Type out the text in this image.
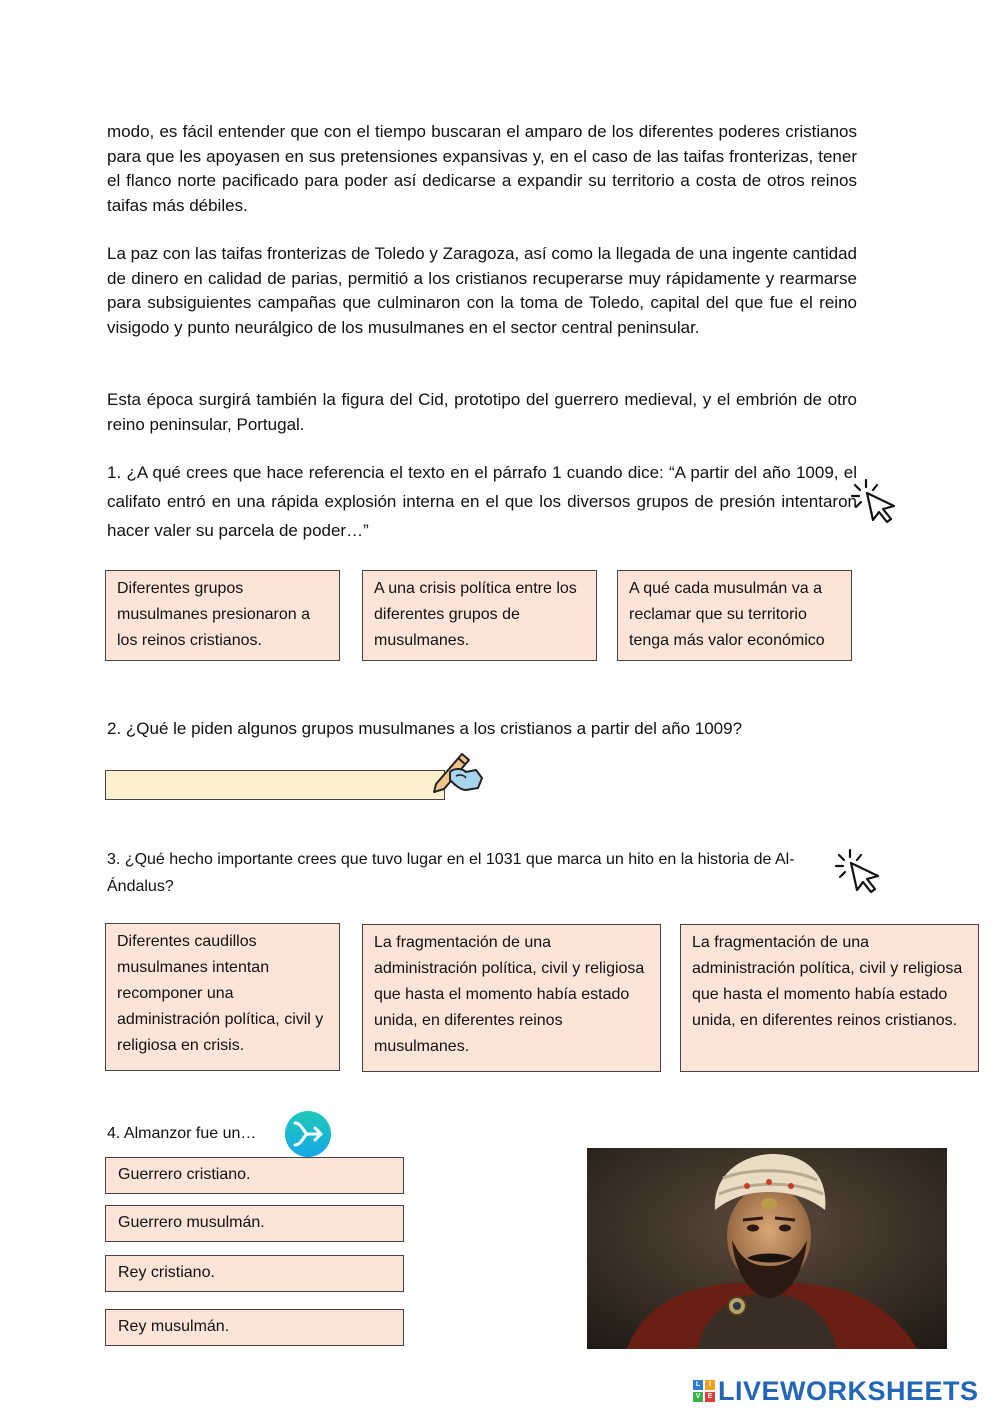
modo, es fácil entender que con el tiempo buscaran el amparo de los diferentes poderes cristianos para que les apoyasen en sus pretensiones expansivas y, en el caso de las taifas fronterizas, tener el flanco norte pacificado para poder así dedicarse a expandir su territorio a costa de otros reinos taifas más débiles.
La paz con las taifas fronterizas de Toledo y Zaragoza, así como la llegada de una ingente cantidad de dinero en calidad de parias, permitió a los cristianos recuperarse muy rápidamente y rearmarse para subsiguientes campañas que culminaron con la toma de Toledo, capital del que fue el reino visigodo y punto neurálgico de los musulmanes en el sector central peninsular.
Esta época surgirá también la figura del Cid, prototipo del guerrero medieval, y el embrión de otro reino peninsular, Portugal.
1. ¿A qué crees que hace referencia el texto en el párrafo 1 cuando dice: “A partir del año 1009, el califato entró en una rápida explosión interna en el que los diversos grupos de presión intentaron hacer valer su parcela de poder…”
Diferentes grupos musulmanes presionaron a los reinos cristianos.
A una crisis política entre los diferentes grupos de musulmanes.
A qué cada musulmán va a reclamar que su territorio tenga más valor económico
2. ¿Qué le piden algunos grupos musulmanes a los cristianos a partir del año 1009?
3. ¿Qué hecho importante crees que tuvo lugar en el 1031 que marca un hito en la historia de Al-Ándalus?
Diferentes caudillos musulmanes intentan recomponer una administración política, civil y religiosa en crisis.
La fragmentación de una administración política, civil y religiosa que hasta el momento había estado unida, en diferentes reinos musulmanes.
La fragmentación de una administración política, civil y religiosa que hasta el momento había estado unida, en diferentes reinos cristianos.
4. Almanzor fue un…
Guerrero cristiano.
Guerrero musulmán.
Rey cristiano.
Rey musulmán.
L	I
V	E LIVEWORKSHEETS
